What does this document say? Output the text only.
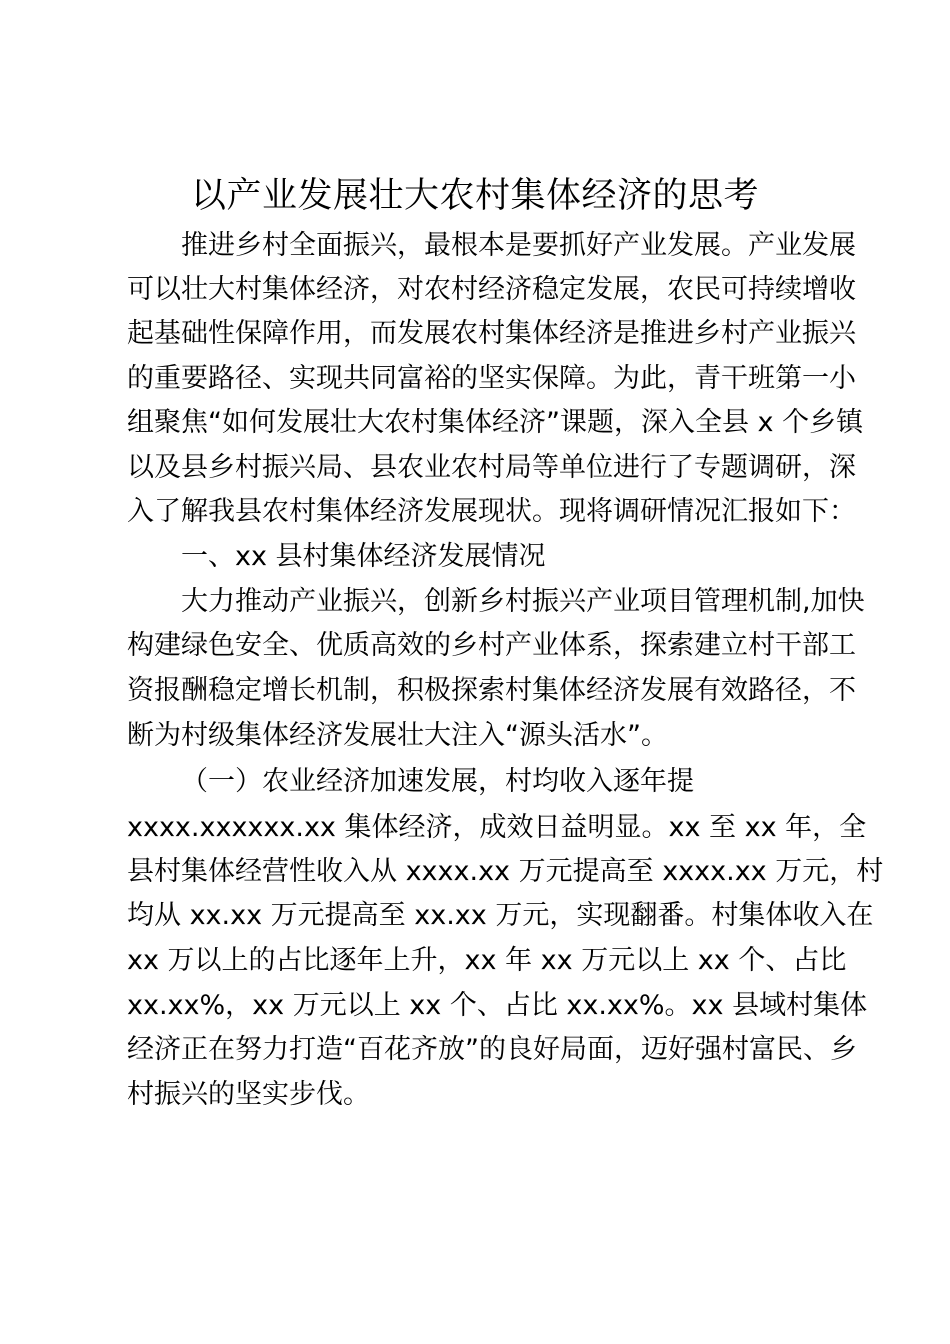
以产业发展壮大农村集体经济的思考
推进乡村全面振兴，最根本是要抓好产业发展。产业发展
可以壮大村集体经济，对农村经济稳定发展，农民可持续增收
起基础性保障作用，而发展农村集体经济是推进乡村产业振兴
的重要路径、实现共同富裕的坚实保障。为此，青干班第一小
组聚焦“如何发展壮大农村集体经济”课题，深入全县 x 个乡镇
以及县乡村振兴局、县农业农村局等单位进行了专题调研，深
入了解我县农村集体经济发展现状。现将调研情况汇报如下：
一、xx 县村集体经济发展情况
大力推动产业振兴，创新乡村振兴产业项目管理机制,加快
构建绿色安全、优质高效的乡村产业体系，探索建立村干部工
资报酬稳定增长机制，积极探索村集体经济发展有效路径，不
断为村级集体经济发展壮大注入“源头活水”。
（一）农业经济加速发展，村均收入逐年提
xxxx.xxxxxx.xx 集体经济，成效日益明显。xx 至 xx 年，全
县村集体经营性收入从 xxxx.xx 万元提高至 xxxx.xx 万元，村
均从 xx.xx 万元提高至 xx.xx 万元，实现翻番。村集体收入在
xx 万以上的占比逐年上升，xx 年 xx 万元以上 xx 个、占比
xx.xx%，xx 万元以上 xx 个、占比 xx.xx%。xx 县域村集体
经济正在努力打造“百花齐放”的良好局面，迈好强村富民、乡
村振兴的坚实步伐。
